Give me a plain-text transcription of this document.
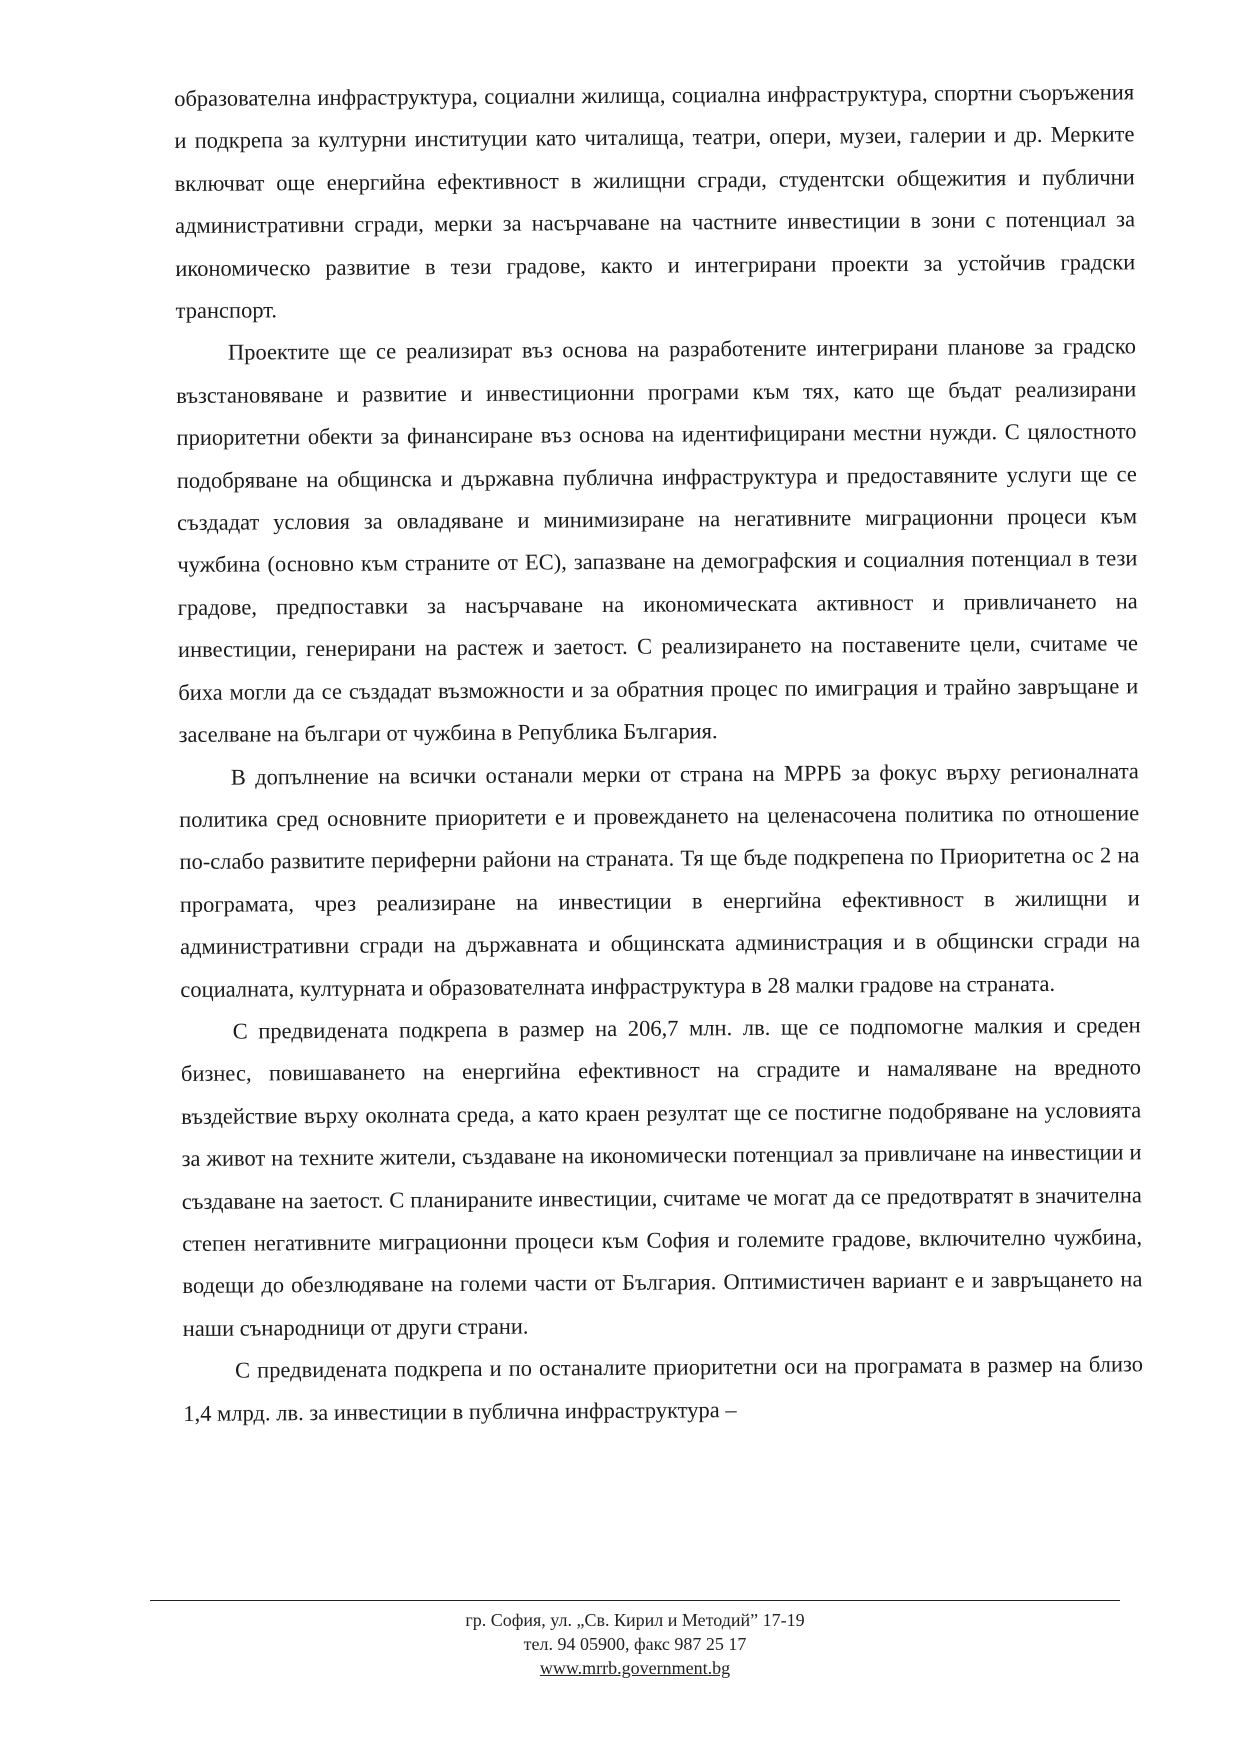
образователна инфраструктура, социални жилища, социална инфраструктура, спортни съоръжения и подкрепа за културни институции като читалища, театри, опери, музеи, галерии и др. Мерките включват още енергийна ефективност в жилищни сгради, студентски общежития и публични административни сгради, мерки за насърчаване на частните инвестиции в зони с потенциал за икономическо развитие в тези градове, както и интегрирани проекти за устойчив градски транспорт.

Проектите ще се реализират въз основа на разработените интегрирани планове за градско възстановяване и развитие и инвестиционни програми към тях, като ще бъдат реализирани приоритетни обекти за финансиране въз основа на идентифицирани местни нужди. С цялостното подобряване на общинска и държавна публична инфраструктура и предоставяните услуги ще се създадат условия за овладяване и минимизиране на негативните миграционни процеси към чужбина (основно към страните от ЕС), запазване на демографския и социалния потенциал в тези градове, предпоставки за насърчаване на икономическата активност и привличането на инвестиции, генерирани на растеж и заетост. С реализирането на поставените цели, считаме че биха могли да се създадат възможности и за обратния процес по имиграция и трайно завръщане и заселване на българи от чужбина в Република България.

В допълнение на всички останали мерки от страна на МРРБ за фокус върху регионалната политика сред основните приоритети е и провеждането на целенасочена политика по отношение по-слабо развитите периферни райони на страната. Тя ще бъде подкрепена по Приоритетна ос 2 на програмата, чрез реализиране на инвестиции в енергийна ефективност в жилищни и административни сгради на държавната и общинската администрация и в общински сгради на социалната, културната и образователната инфраструктура в 28 малки градове на страната.

С предвидената подкрепа в размер на 206,7 млн. лв. ще се подпомогне малкия и среден бизнес, повишаването на енергийна ефективност на сградите и намаляване на вредното въздействие върху околната среда, а като краен резултат ще се постигне подобряване на условията за живот на техните жители, създаване на икономически потенциал за привличане на инвестиции и създаване на заетост. С планираните инвестиции, считаме че могат да се предотвратят в значителна степен негативните миграционни процеси към София и големите градове, включително чужбина, водещи до обезлюдяване на големи части от България. Оптимистичен вариант е и завръщането на наши сънародници от други страни.

С предвидената подкрепа и по останалите приоритетни оси на програмата в размер на близо 1,4 млрд. лв. за инвестиции в публична инфраструктура –

гр. София, ул. „Св. Кирил и Методий” 17-19
тел. 94 05900, факс 987 25 17
www.mrrb.government.bg
